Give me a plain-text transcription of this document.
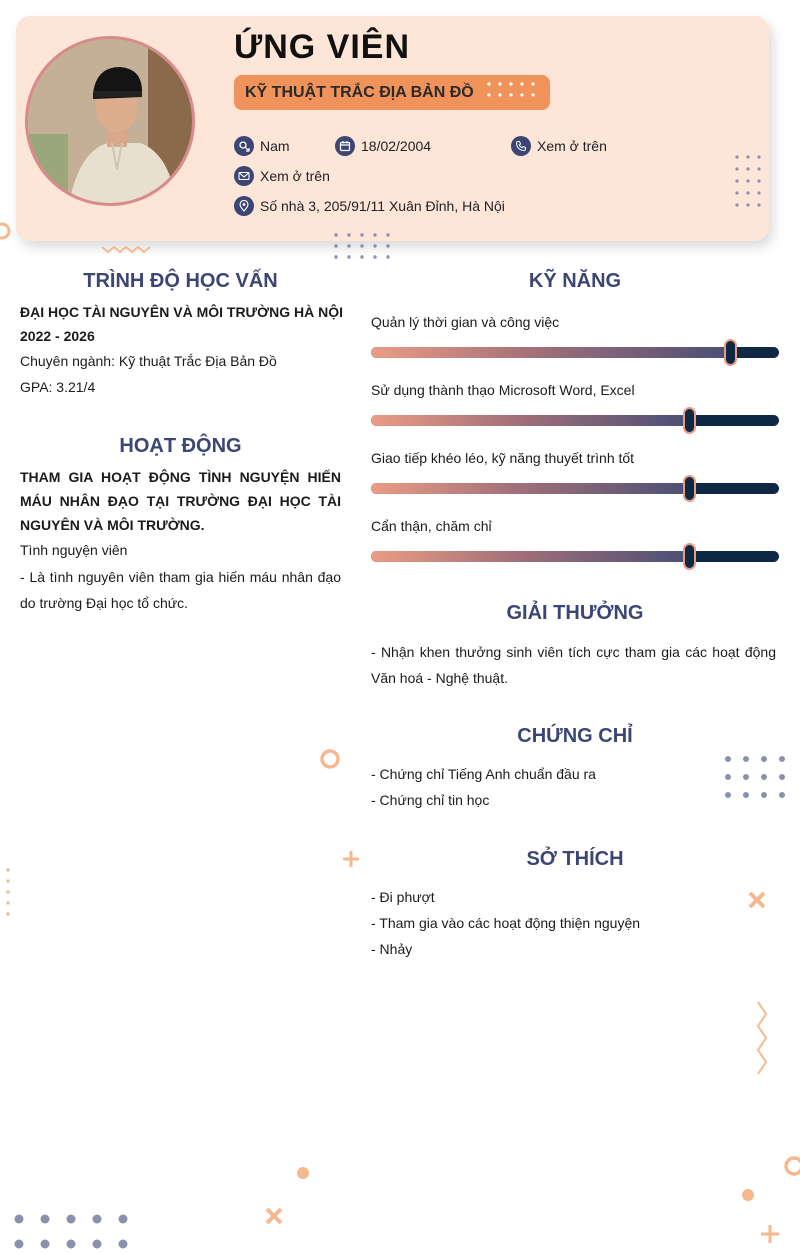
ỨNG VIÊN
KỸ THUẬT TRẮC ĐỊA BẢN ĐỒ
Nam	18/02/2004	Xem ở trên
Xem ở trên
Số nhà 3, 205/91/11 Xuân Đỉnh, Hà Nội
TRÌNH ĐỘ HỌC VẤN
ĐẠI HỌC TÀI NGUYÊN VÀ MÔI TRƯỜNG HÀ NỘI
2022 - 2026
Chuyên ngành: Kỹ thuật Trắc Địa Bản Đồ
GPA: 3.21/4
HOẠT ĐỘNG
THAM GIA HOẠT ĐỘNG TÌNH NGUYỆN HIẾN MÁU NHÂN ĐẠO TẠI TRƯỜNG ĐẠI HỌC TÀI NGUYÊN VÀ MÔI TRƯỜNG.
Tình nguyện viên
- Là tình nguyên viên tham gia hiến máu nhân đạo do trường Đại học tổ chức.
KỸ NĂNG
Quản lý thời gian và công việc
Sử dụng thành thạo Microsoft Word, Excel
Giao tiếp khéo léo, kỹ năng thuyết trình tốt
Cẩn thận, chăm chỉ
GIẢI THƯỞNG
- Nhận khen thưởng sinh viên tích cực tham gia các hoạt động Văn hoá - Nghệ thuật.
CHỨNG CHỈ
- Chứng chỉ Tiếng Anh chuẩn đầu ra
- Chứng chỉ tin học
SỞ THÍCH
- Đi phượt
- Tham gia vào các hoạt động thiện nguyện
- Nhảy
